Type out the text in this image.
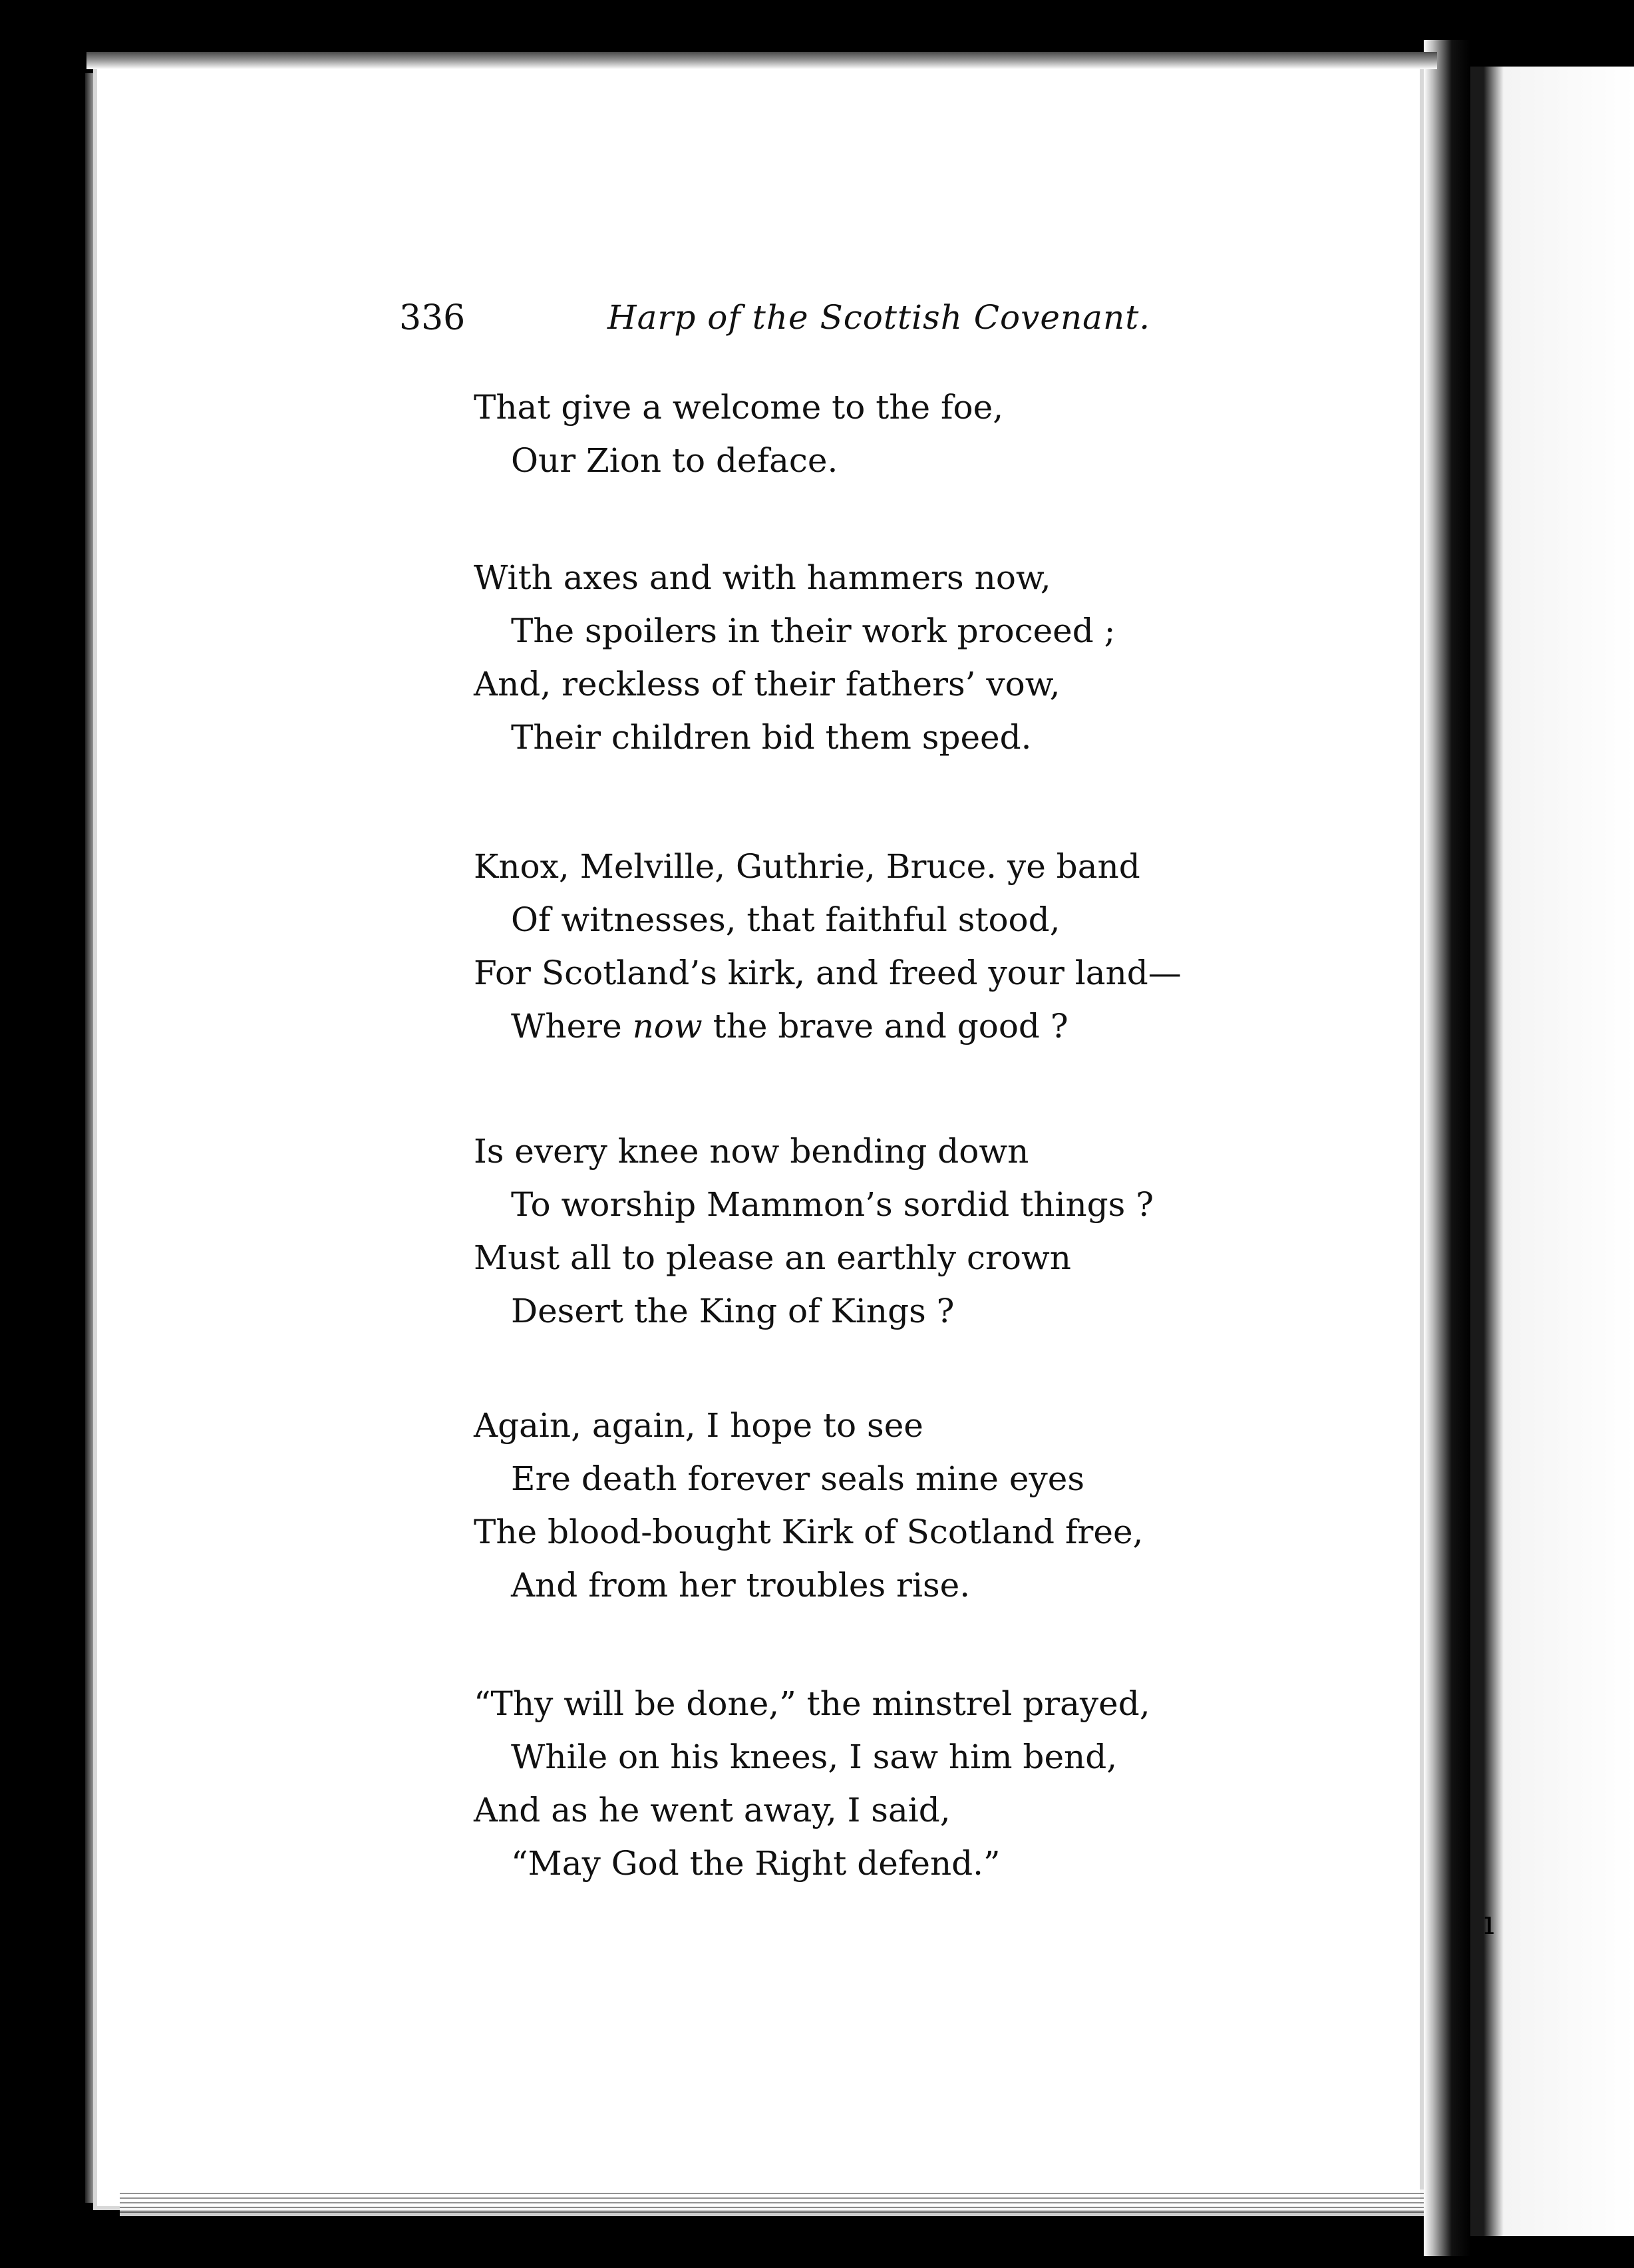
ı
336	Harp of the Scottish Covenant.
That give a welcome to the foe,
Our Zion to deface.
With axes and with hammers now,
The spoilers in their work proceed ;
And, reckless of their fathers’ vow,
Their children bid them speed.
Knox, Melville, Guthrie, Bruce. ye band
Of witnesses, that faithful stood,
For Scotland’s kirk, and freed your land—
Where now the brave and good ?
Is every knee now bending down
To worship Mammon’s sordid things ?
Must all to please an earthly crown
Desert the King of Kings ?
Again, again, I hope to see
Ere death forever seals mine eyes
The blood-bought Kirk of Scotland free,
And from her troubles rise.
“Thy will be done,” the minstrel prayed,
While on his knees, I saw him bend,
And as he went away, I said,
“May God the Right defend.”
